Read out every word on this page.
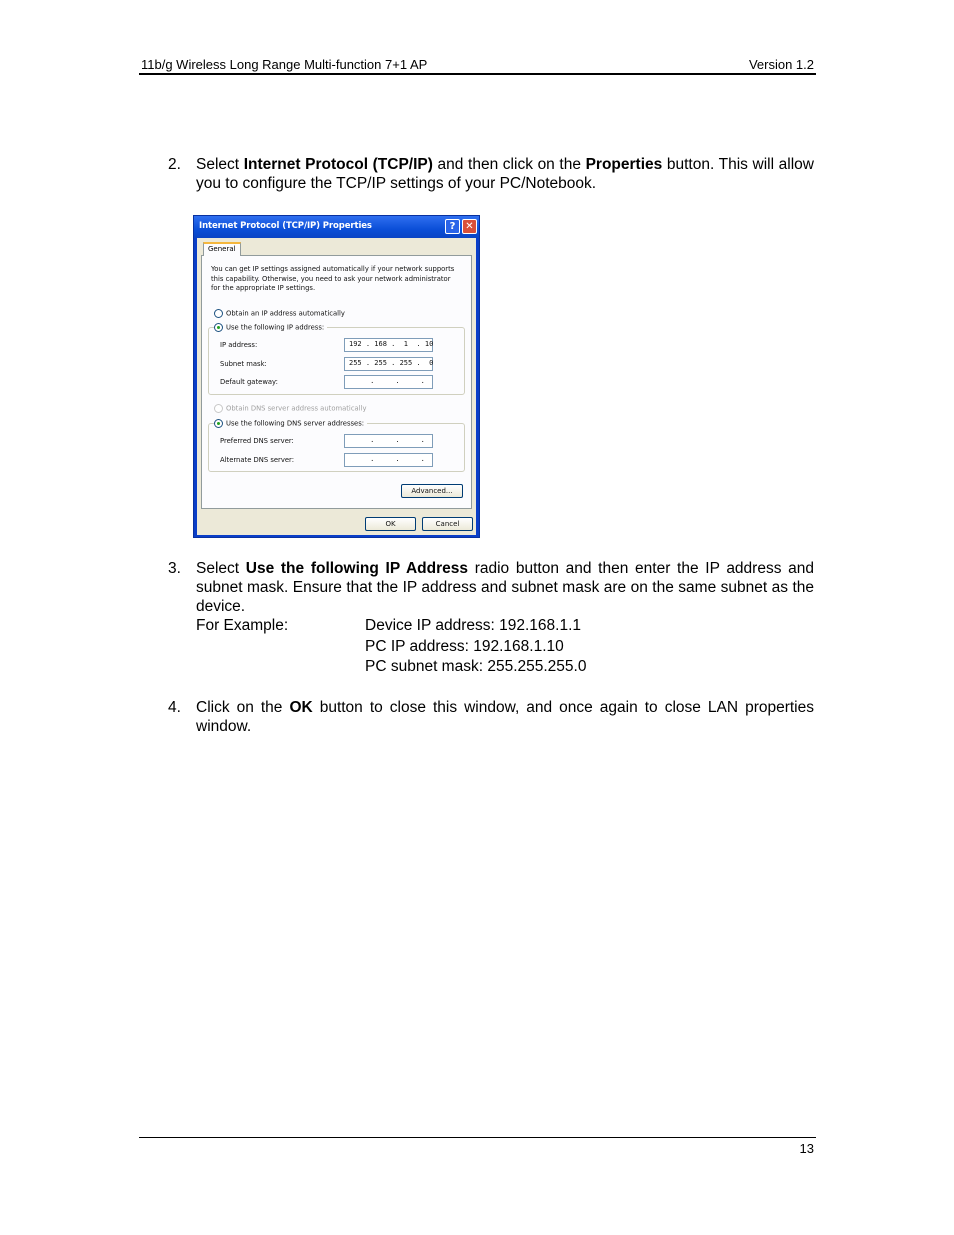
11b/g Wireless Long Range Multi-function 7+1 AP	Version 1.2
2. Select Internet Protocol (TCP/IP) and then click on the Properties button. This will allow you to configure the TCP/IP settings of your PC/Notebook.
Internet Protocol (TCP/IP) Properties	? ✕
You can get IP settings assigned automatically if your network supports this capability. Otherwise, you need to ask your network administrator for the appropriate IP settings.
Obtain an IP address automatically
Use the following IP address:
IP address:	192 . 168 .  1  . 10
Subnet mask:	255 . 255 . 255 .  0
Default gateway:	.     .     .
Obtain DNS server address automatically
Use the following DNS server addresses:
Preferred DNS server:	.     .     .
Alternate DNS server:	.     .     .
Advanced...
General
OK	Cancel
3. Select Use the following IP Address radio button and then enter the IP address and subnet mask. Ensure that the IP address and subnet mask are on the same subnet as the device.
For Example:	Device IP address: 192.168.1.1
PC IP address: 192.168.1.10
PC subnet mask: 255.255.255.0
4. Click on the OK button to close this window, and once again to close LAN properties window.
13
